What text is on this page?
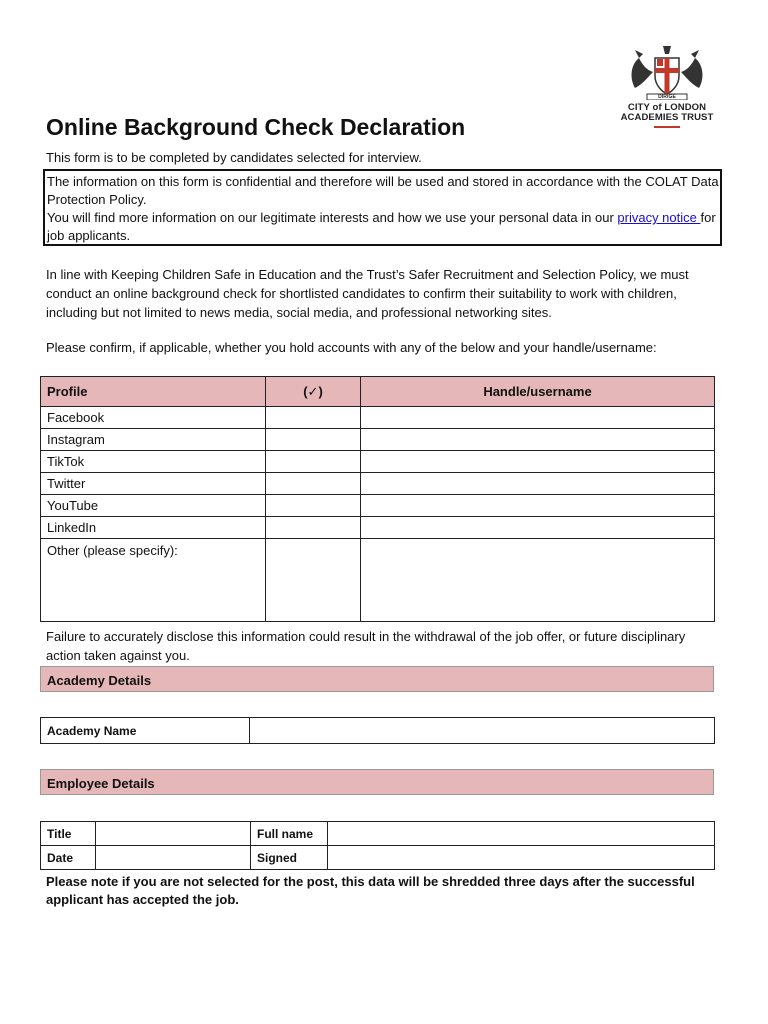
DIRIGE
CITY of LONDON
ACADEMIES TRUST
Online Background Check Declaration
This form is to be completed by candidates selected for interview.
The information on this form is confidential and therefore will be used and stored in accordance with the COLAT Data Protection Policy.
You will find more information on our legitimate interests and how we use your personal data in our privacy notice for job applicants.
In line with Keeping Children Safe in Education and the Trust’s Safer Recruitment and Selection Policy, we must conduct an online background check for shortlisted candidates to confirm their suitability to work with children, including but not limited to news media, social media, and professional networking sites.
Please confirm, if applicable, whether you hold accounts with any of the below and your handle/username:
Profile	(✓)	Handle/username
Facebook		
Instagram		
TikTok		
Twitter		
YouTube		
LinkedIn		
Other (please specify):		
Failure to accurately disclose this information could result in the withdrawal of the job offer, or future disciplinary action taken against you.
Academy Details
Academy Name	
Employee Details
Title		Full name	
Date		Signed	
Please note if you are not selected for the post, this data will be shredded three days after the successful applicant has accepted the job.
